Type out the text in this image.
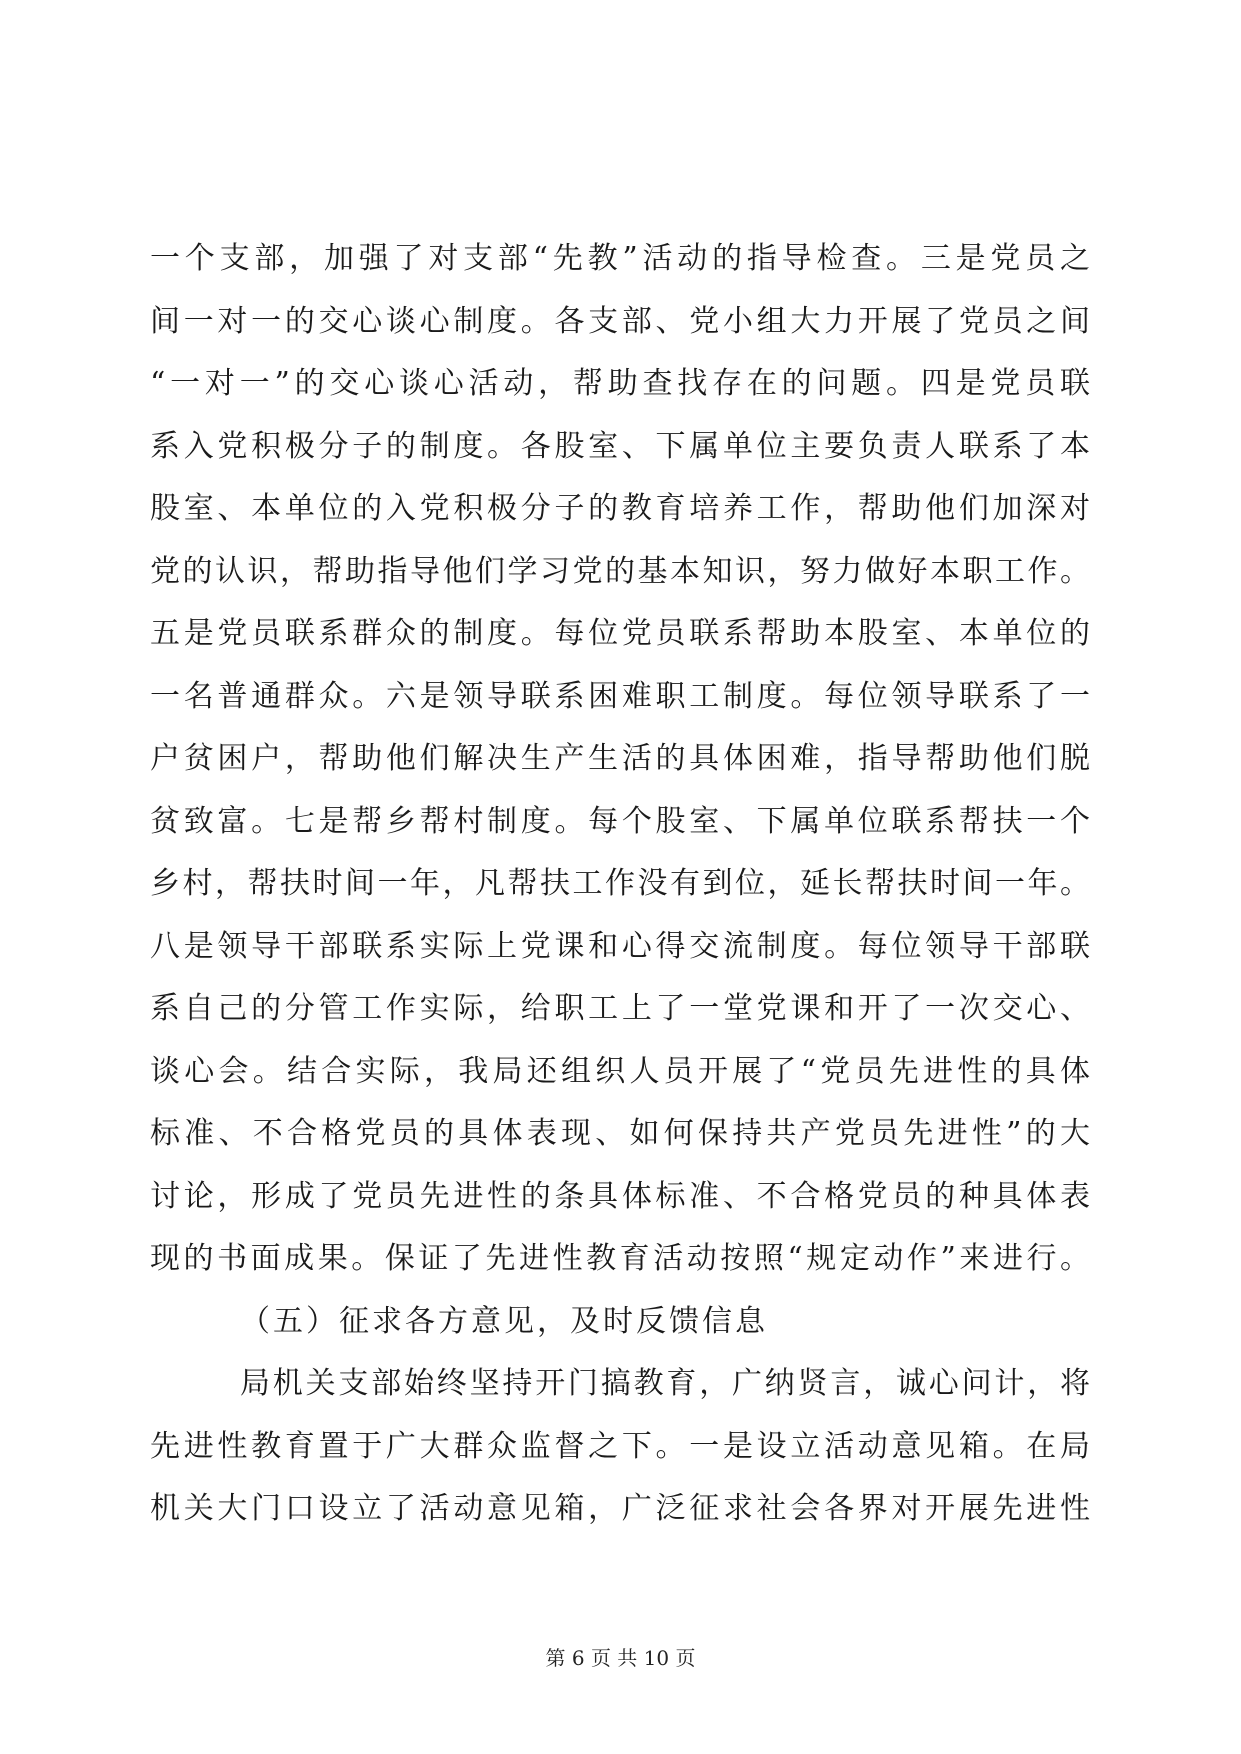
一个支部，加强了对支部“先教”活动的指导检查。三是党员之
间一对一的交心谈心制度。各支部、党小组大力开展了党员之间
“一对一”的交心谈心活动，帮助查找存在的问题。四是党员联
系入党积极分子的制度。各股室、下属单位主要负责人联系了本
股室、本单位的入党积极分子的教育培养工作，帮助他们加深对
党的认识，帮助指导他们学习党的基本知识，努力做好本职工作。
五是党员联系群众的制度。每位党员联系帮助本股室、本单位的
一名普通群众。六是领导联系困难职工制度。每位领导联系了一
户贫困户，帮助他们解决生产生活的具体困难，指导帮助他们脱
贫致富。七是帮乡帮村制度。每个股室、下属单位联系帮扶一个
乡村，帮扶时间一年，凡帮扶工作没有到位，延长帮扶时间一年。
八是领导干部联系实际上党课和心得交流制度。每位领导干部联
系自己的分管工作实际，给职工上了一堂党课和开了一次交心、
谈心会。结合实际，我局还组织人员开展了“党员先进性的具体
标准、不合格党员的具体表现、如何保持共产党员先进性”的大
讨论，形成了党员先进性的条具体标准、不合格党员的种具体表
现的书面成果。保证了先进性教育活动按照“规定动作”来进行。
（五）征求各方意见，及时反馈信息
局机关支部始终坚持开门搞教育，广纳贤言，诚心问计，将
先进性教育置于广大群众监督之下。一是设立活动意见箱。在局
机关大门口设立了活动意见箱，广泛征求社会各界对开展先进性
第 6 页 共 10 页
